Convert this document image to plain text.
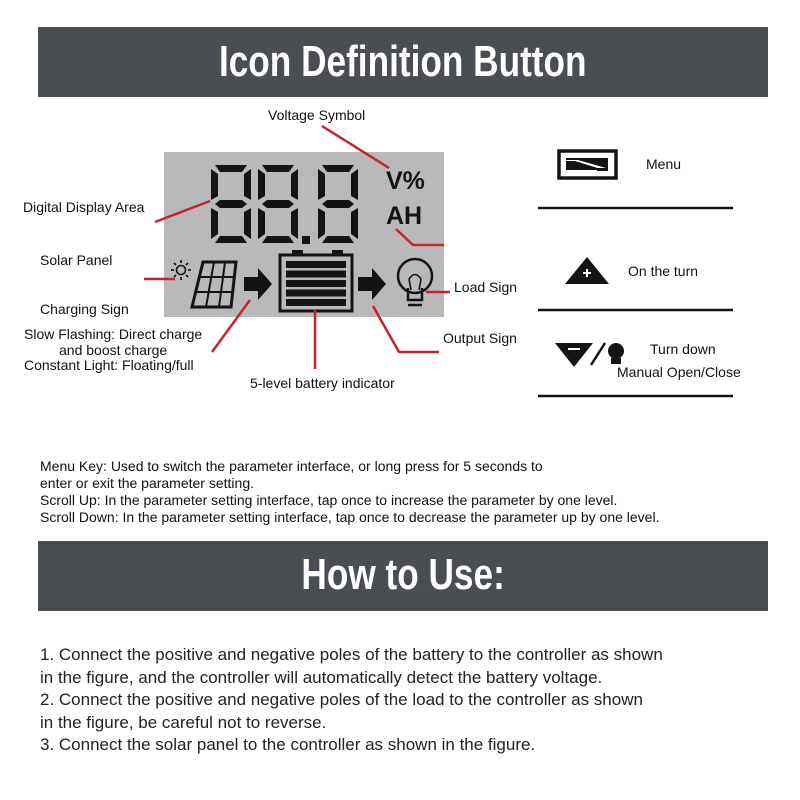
Icon Definition Button
V%
AH
Voltage Symbol
Digital Display Area
Solar Panel
Charging Sign
Slow Flashing: Direct charge
and boost charge
Constant Light: Floating/full
5-level battery indicator
Load Sign
Output Sign
Menu
On the turn
Turn down
Manual Open/Close
Menu Key: Used to switch the parameter interface, or long press for 5 seconds to
enter or exit the parameter setting.
Scroll Up: In the parameter setting interface, tap once to increase the parameter by one level.
Scroll Down: In the parameter setting interface, tap once to decrease the parameter up by one level.
How to Use:
1. Connect the positive and negative poles of the battery to the controller as shown
in the figure, and the controller will automatically detect the battery voltage.
2. Connect the positive and negative poles of the load to the controller as shown
in the figure, be careful not to reverse.
3. Connect the solar panel to the controller as shown in the figure.
